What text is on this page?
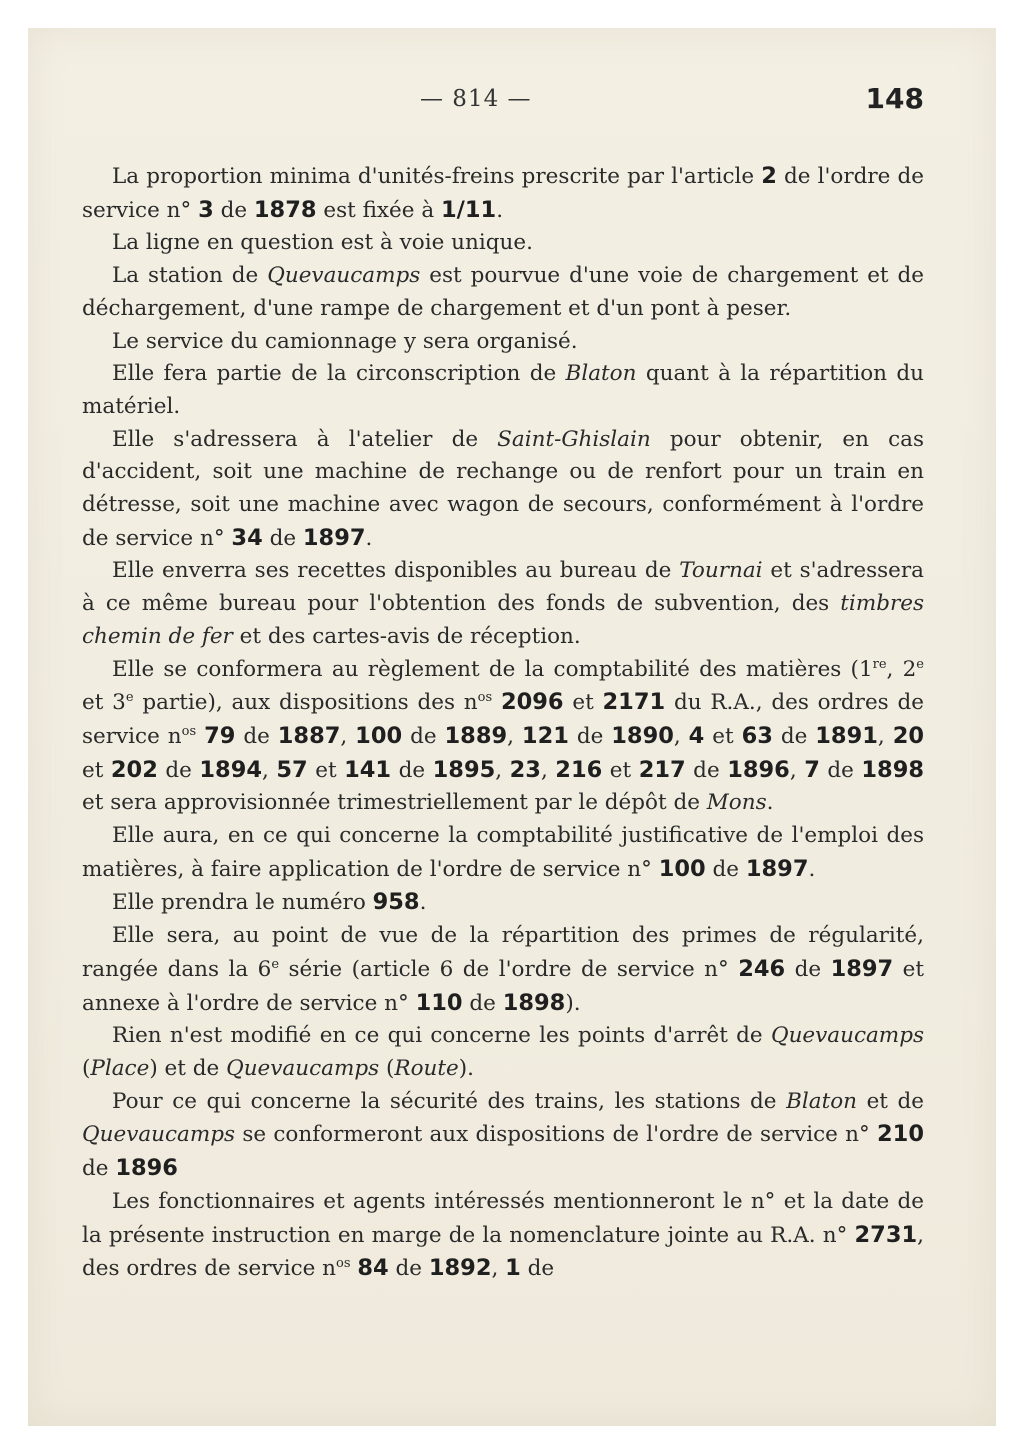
— 814 —	148

La proportion minima d'unités-freins prescrite par l'article 2 de l'ordre de service n° 3 de 1878 est fixée à 1/11.

La ligne en question est à voie unique.

La station de Quevaucamps est pourvue d'une voie de chargement et de déchargement, d'une rampe de chargement et d'un pont à peser.

Le service du camionnage y sera organisé.

Elle fera partie de la circonscription de Blaton quant à la répartition du matériel.

Elle s'adressera à l'atelier de Saint-Ghislain pour obtenir, en cas d'accident, soit une machine de rechange ou de renfort pour un train en détresse, soit une machine avec wagon de secours, conformément à l'ordre de service n° 34 de 1897.

Elle enverra ses recettes disponibles au bureau de Tournai et s'adressera à ce même bureau pour l'obtention des fonds de subvention, des timbres chemin de fer et des cartes-avis de réception.

Elle se conformera au règlement de la comptabilité des matières (1re, 2e et 3e partie), aux dispositions des $n^{os}$ 2096 et 2171 du R.A., des ordres de service $n^{os}$ 79 de 1887, 100 de 1889, 121 de 1890, 4 et 63 de 1891, 20 et 202 de 1894, 57 et 141 de 1895, 23, 216 et 217 de 1896, 7 de 1898 et sera approvisionnée trimestriellement par le dépôt de Mons.

Elle aura, en ce qui concerne la comptabilité justificative de l'emploi des matières, à faire application de l'ordre de service n° 100 de 1897.

Elle prendra le numéro 958.

Elle sera, au point de vue de la répartition des primes de régularité, rangée dans la 6e série (article 6 de l'ordre de service n° 246 de 1897 et annexe à l'ordre de service n° 110 de 1898).

Rien n'est modifié en ce qui concerne les points d'arrêt de Quevaucamps (Place) et de Quevaucamps (Route).

Pour ce qui concerne la sécurité des trains, les stations de Blaton et de Quevaucamps se conformeront aux dispositions de l'ordre de service n° 210 de 1896

Les fonctionnaires et agents intéressés mentionneront le n° et la date de la présente instruction en marge de la nomenclature jointe au R.A. n° 2731, des ordres de service $n^{os}$ 84 de 1892, 1 de
